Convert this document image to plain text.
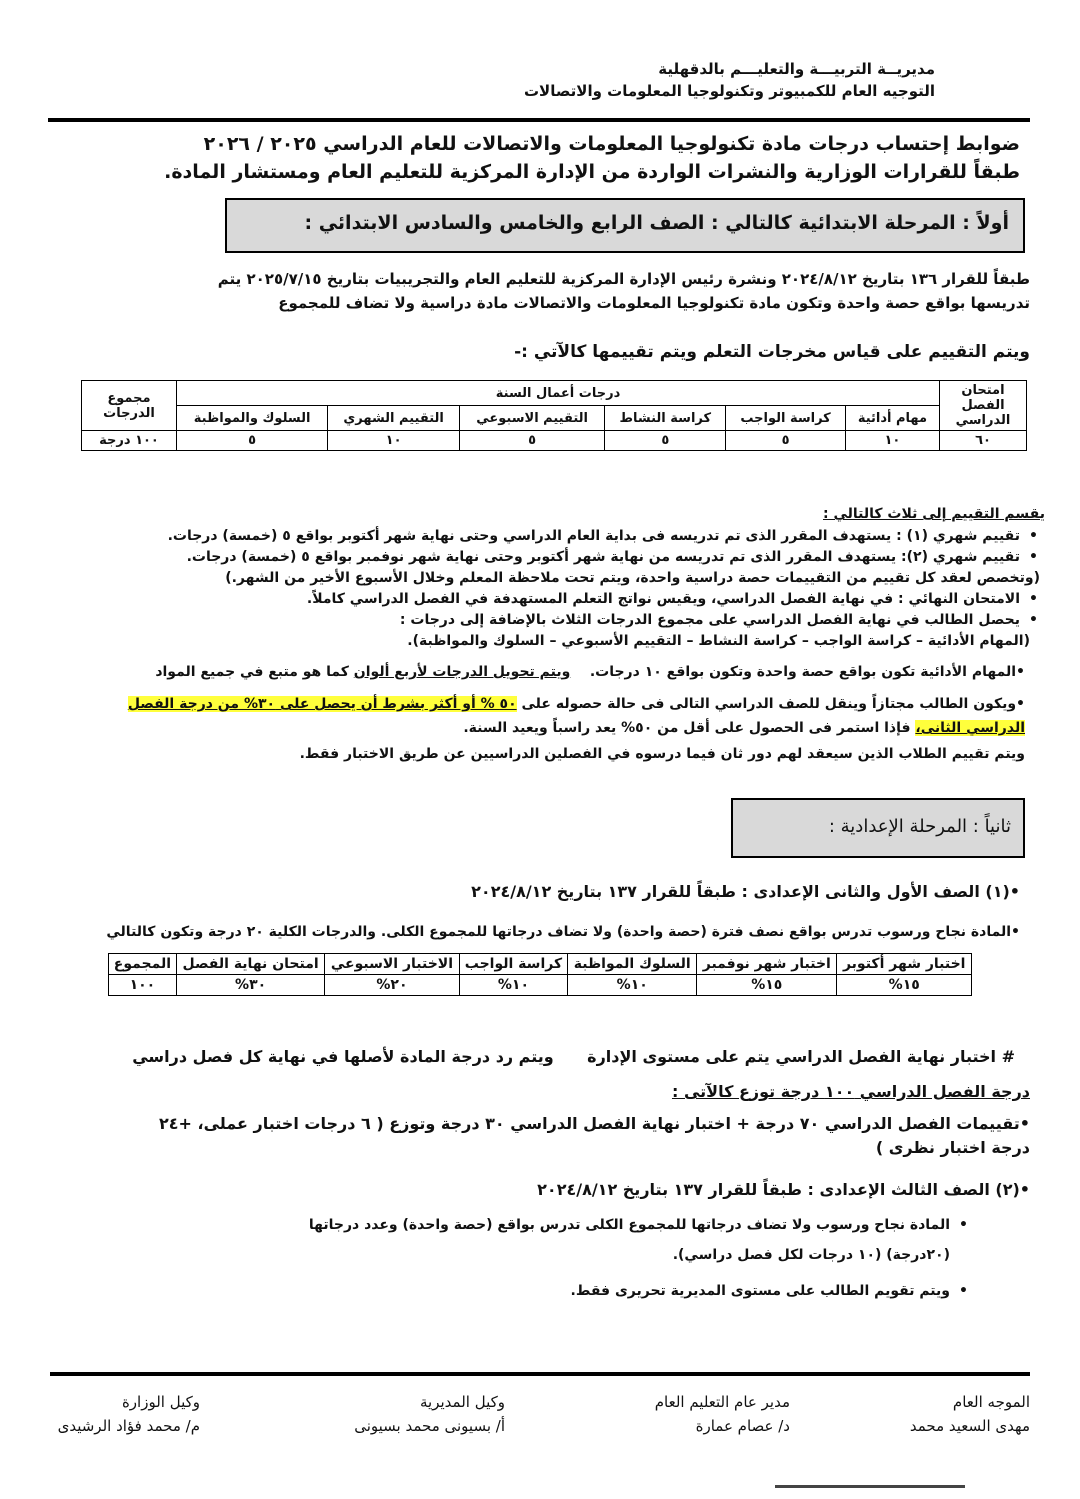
مديريــة التربيـــة والتعليـــم بالدقهلية
التوجيه العام للكمبيوتر وتكنولوجيا المعلومات والاتصالات
ضوابط إحتساب درجات مادة تكنولوجيا المعلومات والاتصالات للعام الدراسي ٢٠٢٥ / ٢٠٢٦
طبقاً للقرارات الوزارية والنشرات الواردة من الإدارة المركزية للتعليم العام ومستشار المادة.
أولاً : المرحلة الابتدائية كالتالي : الصف الرابع والخامس والسادس الابتدائي :
طبقاً للقرار ١٣٦ بتاريخ ٢٠٢٤/٨/١٢ ونشرة رئيس الإدارة المركزية للتعليم العام والتجريبيات بتاريخ ٢٠٢٥/٧/١٥ يتم
تدريسها بواقع حصة واحدة وتكون مادة تكنولوجيا المعلومات والاتصالات مادة دراسية ولا تضاف للمجموع
ويتم التقييم على قياس مخرجات التعلم ويتم تقييمها كالآتي :-
امتحان الفصل الدراسي	درجات أعمال السنة						مجموع الدرجات
	مهام أدائية	كراسة الواجب	كراسة النشاط	التقييم الاسبوعي	التقييم الشهري	السلوك والمواظبة	
٦٠	١٠	٥	٥	٥	١٠	٥	١٠٠ درجة
يقسم التقييم إلى ثلاث كالتالي :
• تقييم شهري (١) : يستهدف المقرر الذى تم تدريسه فى بداية العام الدراسي وحتى نهاية شهر أكتوبر بواقع ٥ (خمسة) درجات.
• تقييم شهري (٢): يستهدف المقرر الذى تم تدريسه من نهاية شهر أكتوبر وحتى نهاية شهر نوفمبر بواقع ٥ (خمسة) درجات.
(وتخصص لعقد كل تقييم من التقييمات حصة دراسية واحدة، ويتم تحت ملاحظة المعلم وخلال الأسبوع الأخير من الشهر.)
• الامتحان النهائي : في نهاية الفصل الدراسي، ويقيس نواتج التعلم المستهدفة في الفصل الدراسي كاملاً.
• يحصل الطالب في نهاية الفصل الدراسي على مجموع الدرجات الثلاث بالإضافة إلى درجات :
(المهام الأدائية – كراسة الواجب – كراسة النشاط – التقييم الأسبوعي – السلوك والمواظبة).
•المهام الأدائية تكون بواقع حصة واحدة وتكون بواقع ١٠ درجات.    ويتم تحويل الدرجات لأربع ألوان كما هو متبع في جميع المواد
•ويكون الطالب مجتازاً وينقل للصف الدراسي التالى فى حالة حصوله على ٥٠ % أو أكثر بشرط أن يحصل على ٣٠% من درجة الفصل
الدراسي الثانى، فإذا استمر فى الحصول على أقل من ٥٠% يعد راسباً ويعيد السنة.
ويتم تقييم الطلاب الذين سيعقد لهم دور ثان فيما درسوه في الفصلين الدراسيين عن طريق الاختبار فقط.
ثانياً : المرحلة الإعدادية :
•(١) الصف الأول والثانى الإعدادى : طبقاً للقرار ١٣٧ بتاريخ ٢٠٢٤/٨/١٢
•المادة نجاح ورسوب تدرس بواقع نصف فترة (حصة واحدة) ولا تضاف درجاتها للمجموع الكلى. والدرجات الكلية ٢٠ درجة وتكون كالتالي
اختبار شهر أكتوبر	اختبار شهر نوفمبر	السلوك المواظبة	كراسة الواجب	الاختبار الاسبوعي	امتحان نهاية الفصل	المجموع
١٥%	١٥%	١٠%	١٠%	٢٠%	٣٠%	١٠٠
# اختبار نهاية الفصل الدراسي يتم على مستوى الإدارة      ويتم رد درجة المادة لأصلها في نهاية كل فصل دراسي
درجة الفصل الدراسي ١٠٠ درجة توزع كالآتى :
•تقييمات الفصل الدراسي ٧٠ درجة + اختبار نهاية الفصل الدراسي ٣٠ درجة وتوزع ( ٦ درجات اختبار عملى، +٢٤
درجة اختبار نظرى )
•(٢) الصف الثالث الإعدادى : طبقاً للقرار ١٣٧ بتاريخ ٢٠٢٤/٨/١٢
• المادة نجاح ورسوب ولا تضاف درجاتها للمجموع الكلى تدرس بواقع (حصة واحدة) وعدد درجاتها
(٢٠درجة) (١٠ درجات لكل فصل دراسي).
• ويتم تقويم الطالب على مستوى المديرية تحريرى فقط.
الموجه العام
مهدى السعيد محمد
مدير عام التعليم العام
د/ عصام عمارة
وكيل المديرية
أ/ بسيونى محمد بسيونى
وكيل الوزارة
م/ محمد فؤاد الرشيدى
